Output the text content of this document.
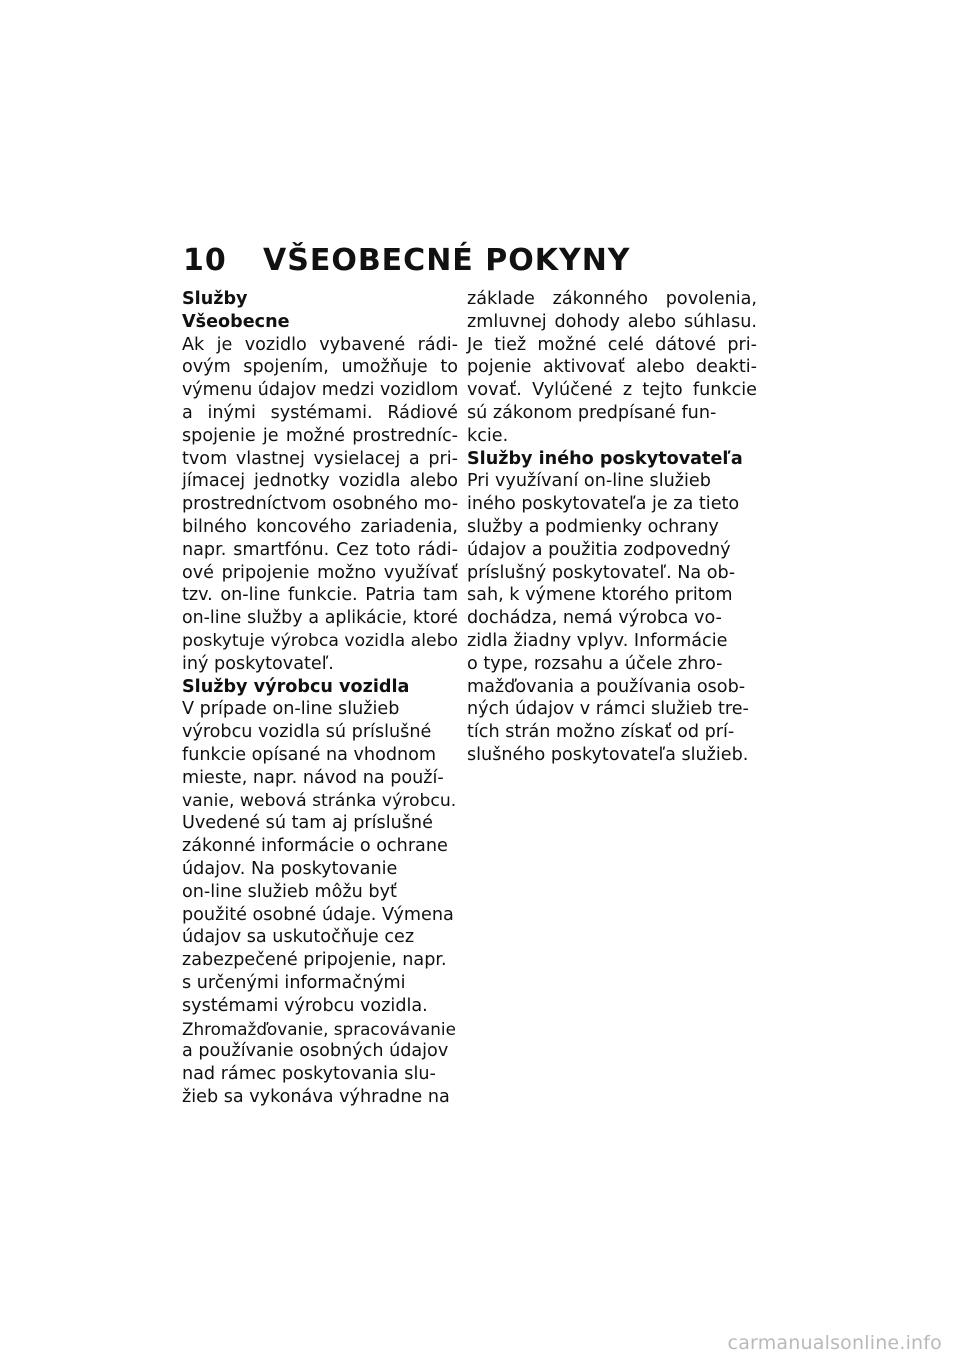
10 VŠEOBECNÉ POKYNY
Služby
Všeobecne
Ak je vozidlo vybavené rádi-
ovým spojením, umožňuje to
výmenu údajov medzi vozidlom
a inými systémami. Rádiové
spojenie je možné prostredníc-
tvom vlastnej vysielacej a pri-
jímacej jednotky vozidla alebo
prostredníctvom osobného mo-
bilného koncového zariadenia,
napr. smartfónu. Cez toto rádi-
ové pripojenie možno využívať
tzv. on-line funkcie. Patria tam
on-line služby a aplikácie, ktoré
poskytuje výrobca vozidla alebo
iný poskytovateľ.
Služby výrobcu vozidla
V prípade on-line služieb
výrobcu vozidla sú príslušné
funkcie opísané na vhodnom
mieste, napr. návod na použí-
vanie, webová stránka výrobcu.
Uvedené sú tam aj príslušné
zákonné informácie o ochrane
údajov. Na poskytovanie
on-line služieb môžu byť
použité osobné údaje. Výmena
údajov sa uskutočňuje cez
zabezpečené pripojenie, napr.
s určenými informačnými
systémami výrobcu vozidla.
Zhromažďovanie, spracovávanie
a používanie osobných údajov
nad rámec poskytovania slu-
žieb sa vykonáva výhradne na
základe zákonného povolenia,
zmluvnej dohody alebo súhlasu.
Je tiež možné celé dátové pri-
pojenie aktivovať alebo deakti-
vovať. Vylúčené z tejto funkcie
sú zákonom predpísané fun-
kcie.
Služby iného poskytovateľa
Pri využívaní on-line služieb
iného poskytovateľa je za tieto
služby a podmienky ochrany
údajov a použitia zodpovedný
príslušný poskytovateľ. Na ob-
sah, k výmene ktorého pritom
dochádza, nemá výrobca vo-
zidla žiadny vplyv. Informácie
o type, rozsahu a účele zhro-
mažďovania a používania osob-
ných údajov v rámci služieb tre-
tích strán možno získať od prí-
slušného poskytovateľa služieb.
carmanualsonline.info
